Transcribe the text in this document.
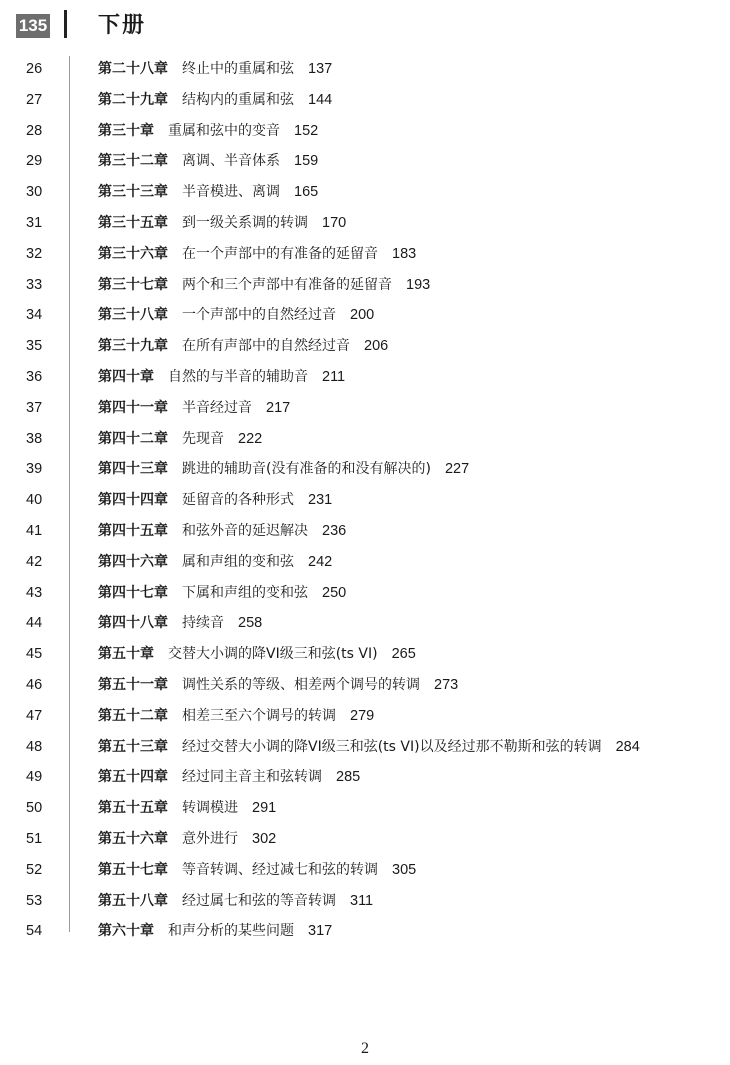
135 下册
26	第二十八章  终止中的重属和弦  137
27	第二十九章  结构内的重属和弦  144
28	第三十章  重属和弦中的变音  152
29	第三十二章  离调、半音体系  159
30	第三十三章  半音模进、离调  165
31	第三十五章  到一级关系调的转调  170
32	第三十六章  在一个声部中的有准备的延留音  183
33	第三十七章  两个和三个声部中有准备的延留音  193
34	第三十八章  一个声部中的自然经过音  200
35	第三十九章  在所有声部中的自然经过音  206
36	第四十章  自然的与半音的辅助音  211
37	第四十一章  半音经过音  217
38	第四十二章  先现音  222
39	第四十三章  跳进的辅助音(没有准备的和没有解决的)  227
40	第四十四章  延留音的各种形式  231
41	第四十五章  和弦外音的延迟解决  236
42	第四十六章  属和声组的变和弦  242
43	第四十七章  下属和声组的变和弦  250
44	第四十八章  持续音  258
45	第五十章  交替大小调的降VI级三和弦(ts VI)  265
46	第五十一章  调性关系的等级、相差两个调号的转调  273
47	第五十二章  相差三至六个调号的转调  279
48	第五十三章  经过交替大小调的降VI级三和弦(ts VI)以及经过那不勒斯和弦的转调  284
49	第五十四章  经过同主音主和弦转调  285
50	第五十五章  转调模进  291
51	第五十六章  意外进行  302
52	第五十七章  等音转调、经过减七和弦的转调  305
53	第五十八章  经过属七和弦的等音转调  311
54	第六十章  和声分析的某些问题  317
2
